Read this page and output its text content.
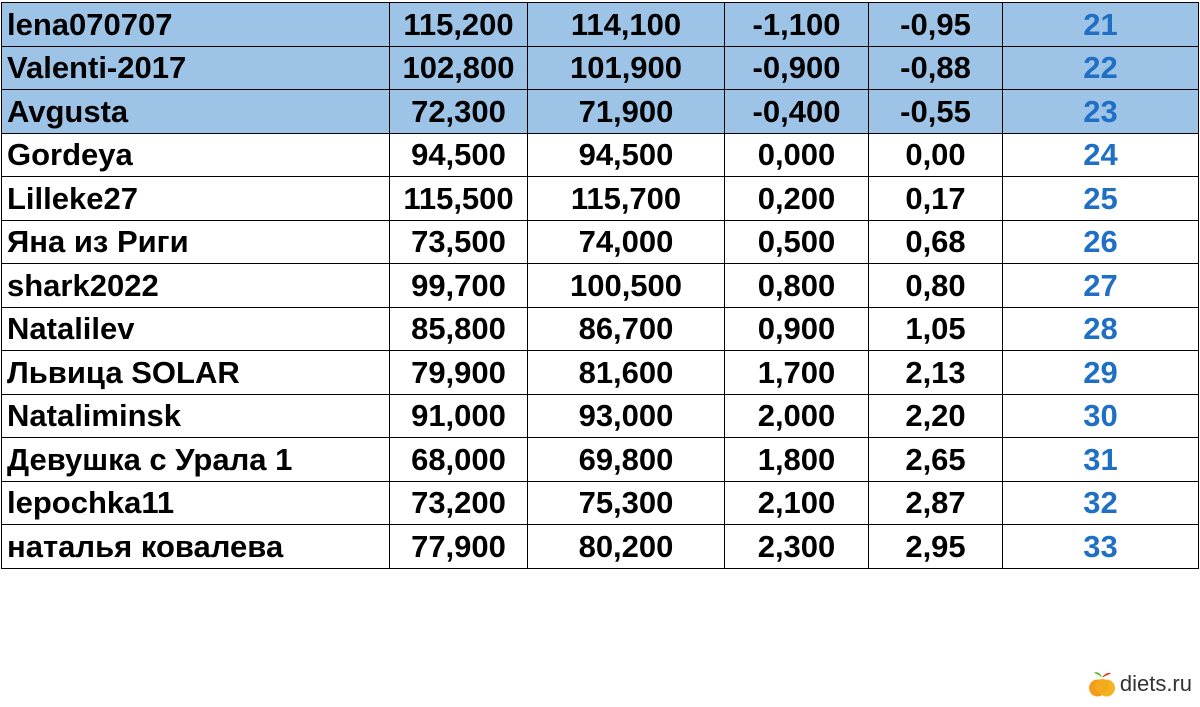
lena070707	115,200	114,100	-1,100	-0,95	21
Valenti-2017	102,800	101,900	-0,900	-0,88	22
Avgusta	72,300	71,900	-0,400	-0,55	23
Gordeya	94,500	94,500	0,000	0,00	24
Lilleke27	115,500	115,700	0,200	0,17	25
Яна из Риги	73,500	74,000	0,500	0,68	26
shark2022	99,700	100,500	0,800	0,80	27
Natalilev	85,800	86,700	0,900	1,05	28
Львица SOLAR	79,900	81,600	1,700	2,13	29
Nataliminsk	91,000	93,000	2,000	2,20	30
Девушка с Урала 1	68,000	69,800	1,800	2,65	31
lepochka11	73,200	75,300	2,100	2,87	32
наталья ковалева	77,900	80,200	2,300	2,95	33
diets.ru
